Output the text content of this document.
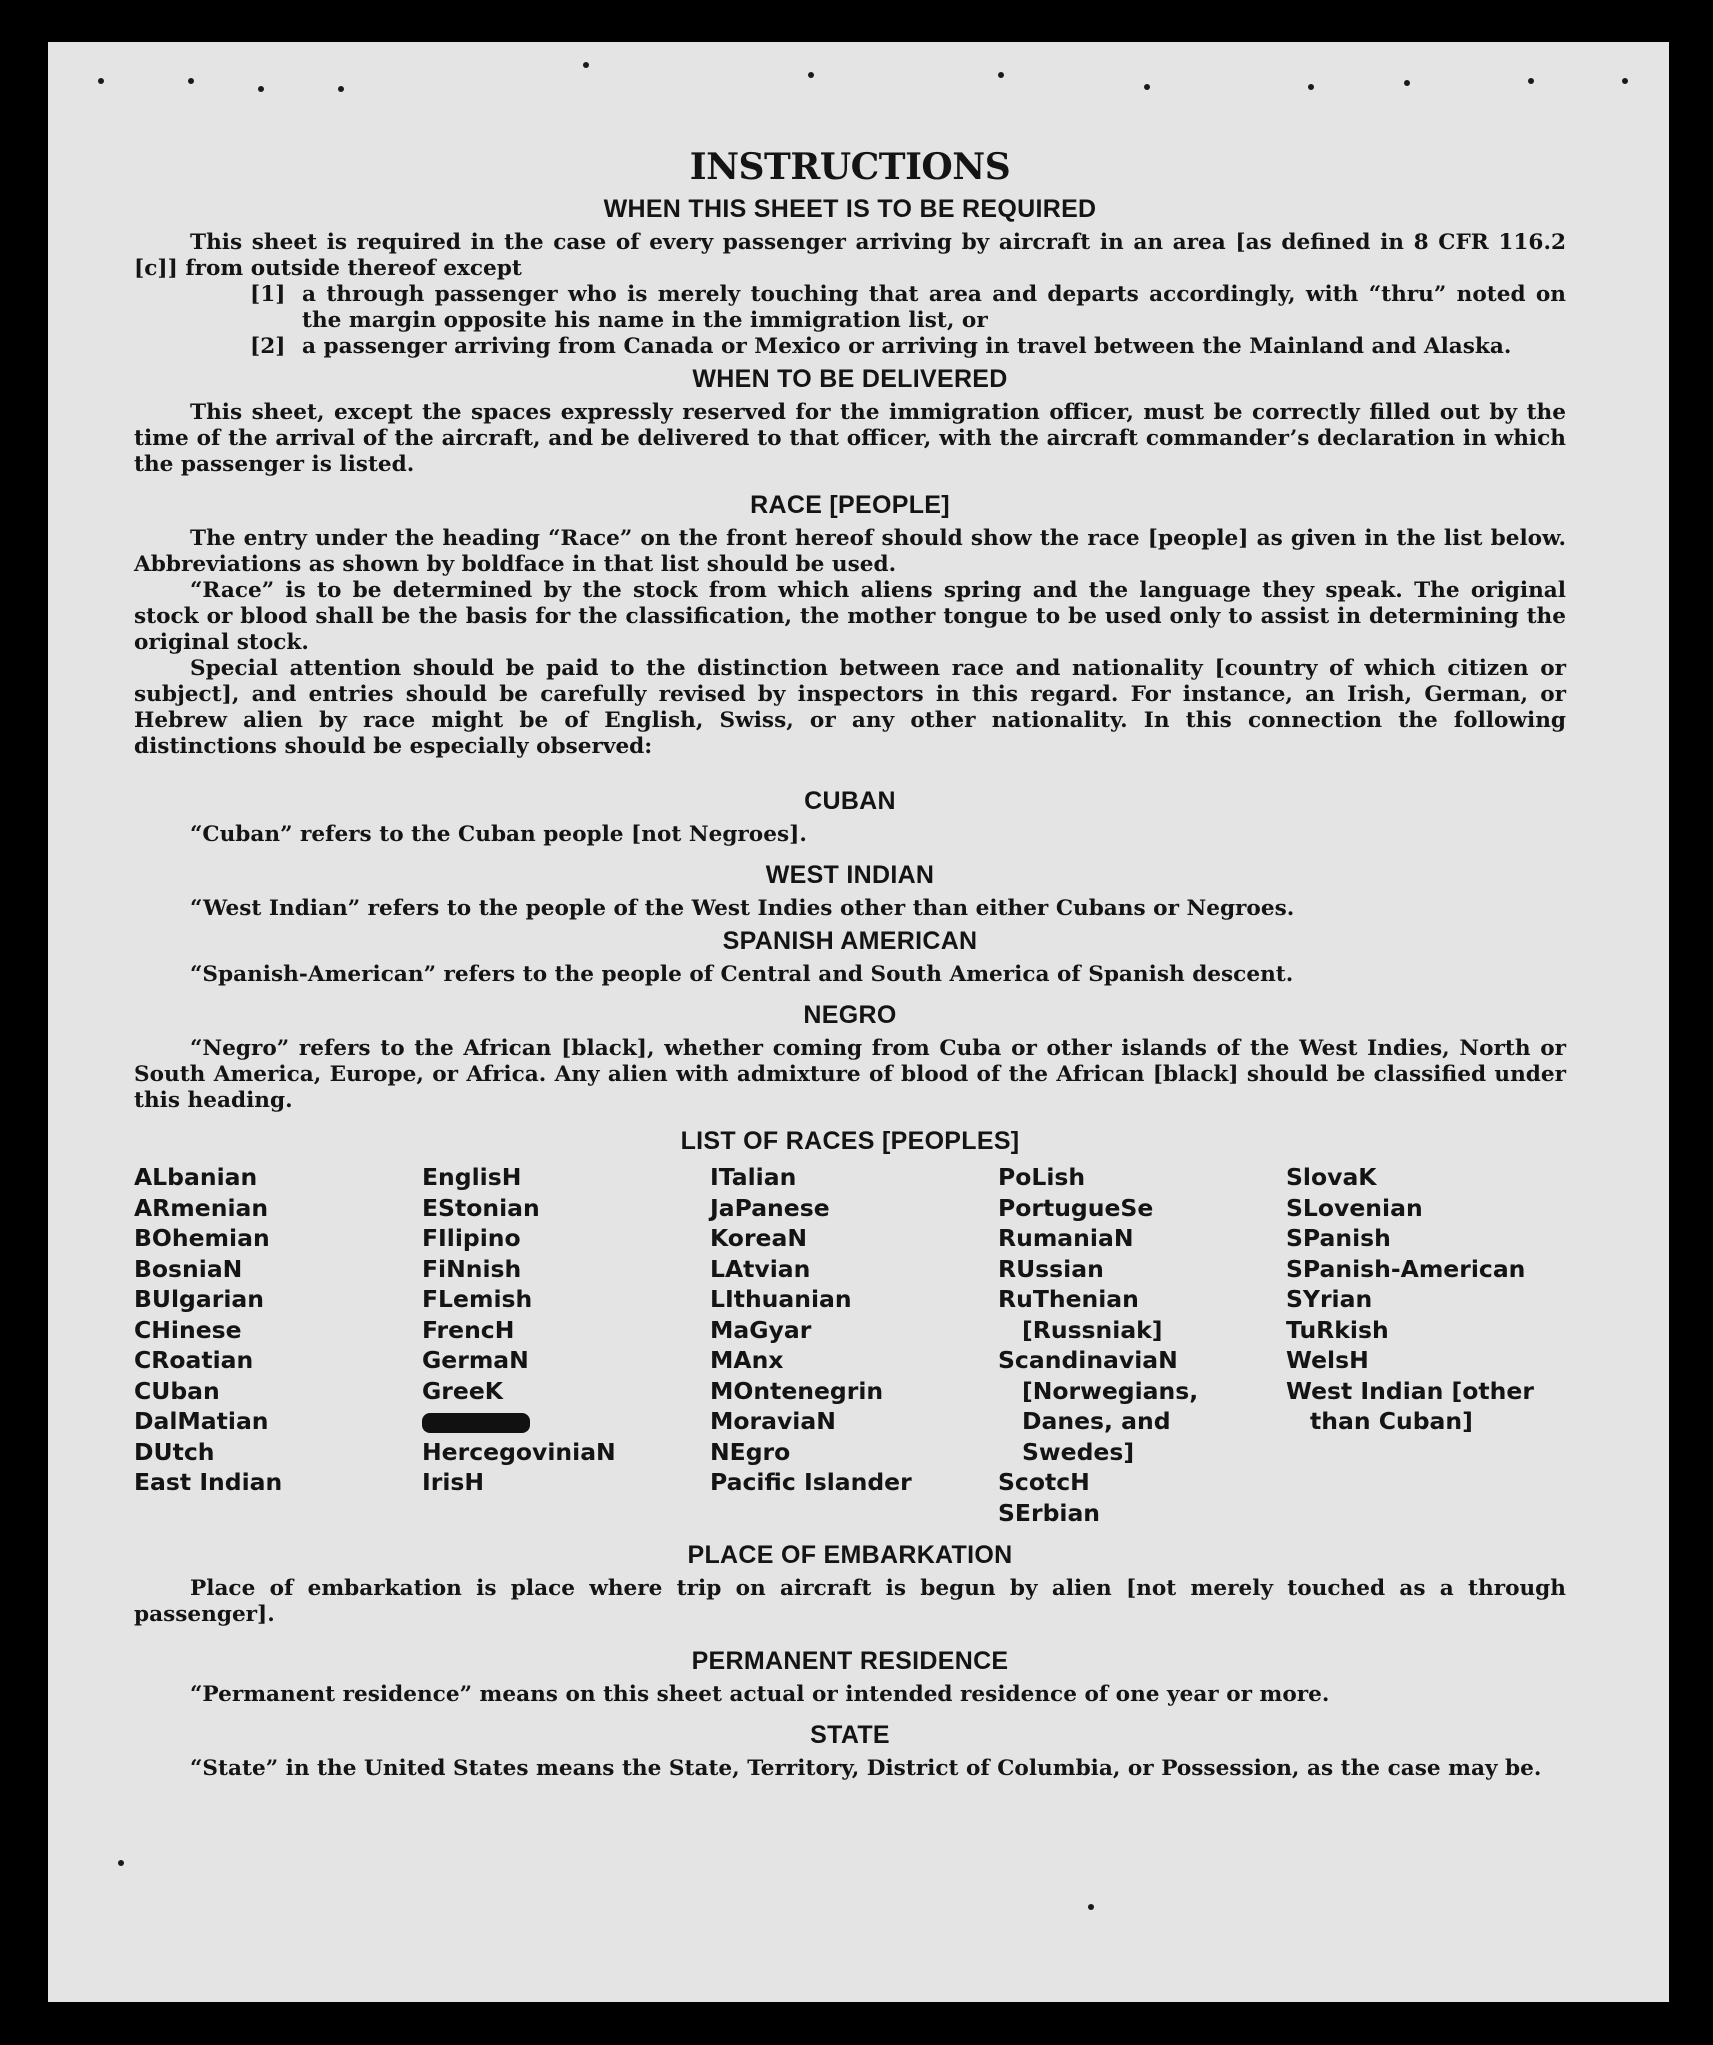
INSTRUCTIONS
WHEN THIS SHEET IS TO BE REQUIRED

This sheet is required in the case of every passenger arriving by aircraft in an area [as defined in 8 CFR 116.2 [c]] from outside thereof except

[1] a through passenger who is merely touching that area and departs accordingly, with “thru” noted on the margin opposite his name in the immigration list, or
[2] a passenger arriving from Canada or Mexico or arriving in travel between the Mainland and Alaska.
WHEN TO BE DELIVERED

This sheet, except the spaces expressly reserved for the immigration officer, must be correctly filled out by the time of the arrival of the aircraft, and be delivered to that officer, with the aircraft commander’s declaration in which the passenger is listed.

RACE [PEOPLE]

The entry under the heading “Race” on the front hereof should show the race [people] as given in the list below. Abbreviations as shown by boldface in that list should be used.

“Race” is to be determined by the stock from which aliens spring and the language they speak. The original stock or blood shall be the basis for the classification, the mother tongue to be used only to assist in determining the original stock.

Special attention should be paid to the distinction between race and nationality [country of which citizen or subject], and entries should be carefully revised by inspectors in this regard. For instance, an Irish, German, or Hebrew alien by race might be of English, Swiss, or any other nationality. In this connection the following distinctions should be especially observed:

CUBAN

“Cuban” refers to the Cuban people [not Negroes].

WEST INDIAN

“West Indian” refers to the people of the West Indies other than either Cubans or Negroes.

SPANISH AMERICAN

“Spanish-American” refers to the people of Central and South America of Spanish descent.

NEGRO

“Negro” refers to the African [black], whether coming from Cuba or other islands of the West Indies, North or South America, Europe, or Africa. Any alien with admixture of blood of the African [black] should be classified under this heading.

LIST OF RACES [PEOPLES]
ALbanian
ARmenian
BOhemian
BosniaN
BUlgarian
CHinese
CRoatian
CUban
DalMatian
DUtch
East Indian
EnglisH
EStonian
FIlipino
FiNnish
FLemish
FrencH
GermaN
GreeK
HercegoviniaN
IrisH
ITalian
JaPanese
KoreaN
LAtvian
LIthuanian
MaGyar
MAnx
MOntenegrin
MoraviaN
NEgro
Pacific Islander
PoLish
PortugueSe
RumaniaN
RUssian
RuThenian [Russniak]
ScandinaviaN [Norwegians, Danes, and Swedes]
ScotcH
SErbian
SlovaK
SLovenian
SPanish
SPanish-American
SYrian
TuRkish
WelsH
West Indian [other than Cuban]
PLACE OF EMBARKATION

Place of embarkation is place where trip on aircraft is begun by alien [not merely touched as a through passenger].

PERMANENT RESIDENCE

“Permanent residence” means on this sheet actual or intended residence of one year or more.

STATE

“State” in the United States means the State, Territory, District of Columbia, or Possession, as the case may be.
